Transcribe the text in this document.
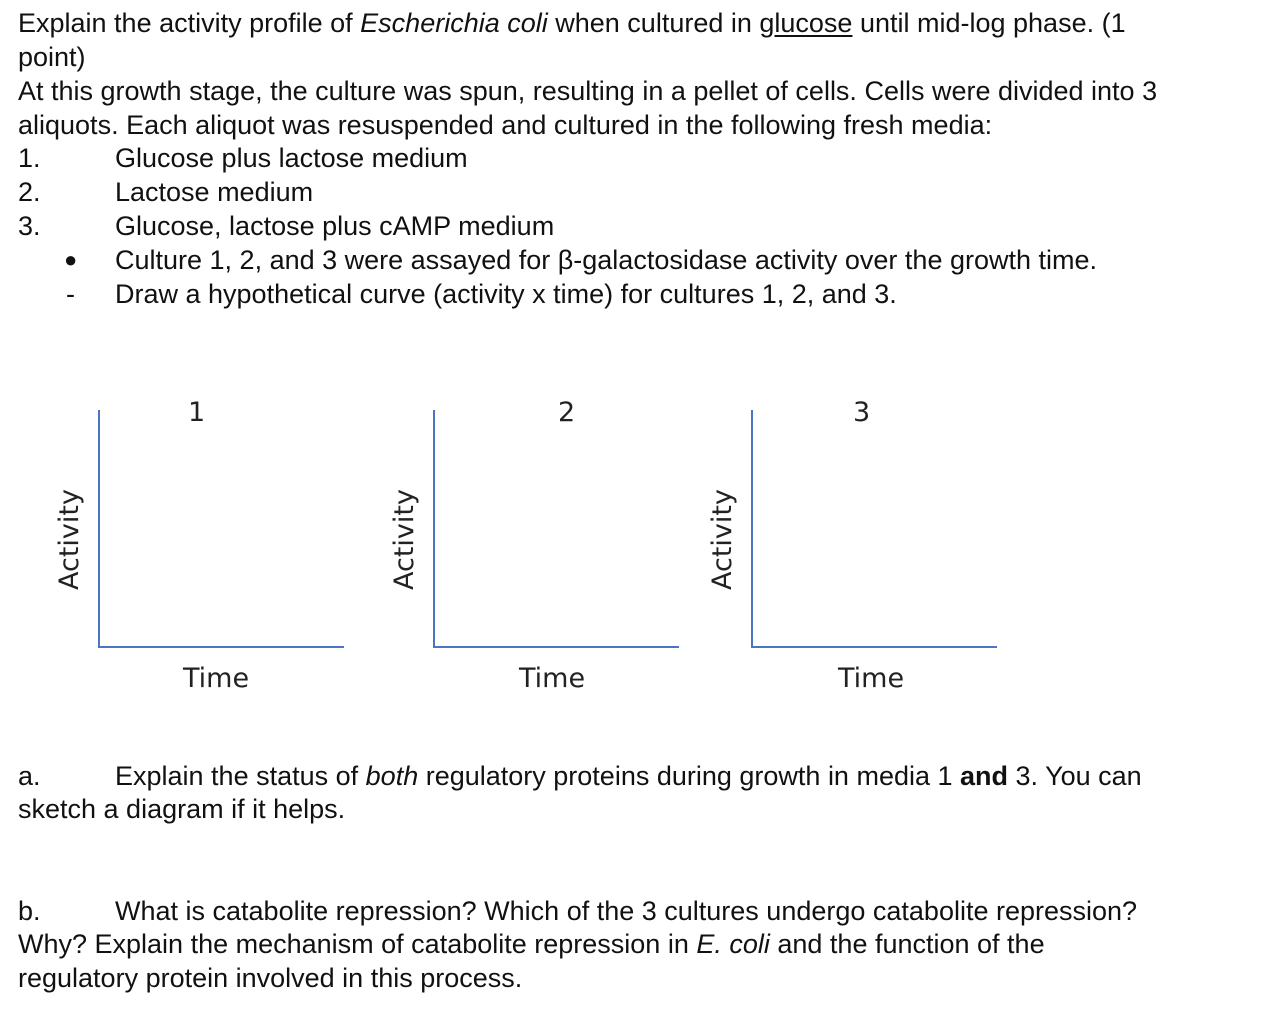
Explain the activity profile of Escherichia coli when cultured in glucose until mid-log phase. (1
point)
At this growth stage, the culture was spun, resulting in a pellet of cells. Cells were divided into 3
aliquots. Each aliquot was resuspended and cultured in the following fresh media:
1.	Glucose plus lactose medium
2.	Lactose medium
3.	Glucose, lactose plus cAMP medium
● Culture 1, 2, and 3 were assayed for β-galactosidase activity over the growth time.
- Draw a hypothetical curve (activity x time) for cultures 1, 2, and 3.
1
Activity
Time
2
Activity
Time
3
Activity
Time
a.	Explain the status of both regulatory proteins during growth in media 1 and 3. You can
sketch a diagram if it helps.
b.	What is catabolite repression? Which of the 3 cultures undergo catabolite repression?
Why? Explain the mechanism of catabolite repression in E. coli and the function of the
regulatory protein involved in this process.
